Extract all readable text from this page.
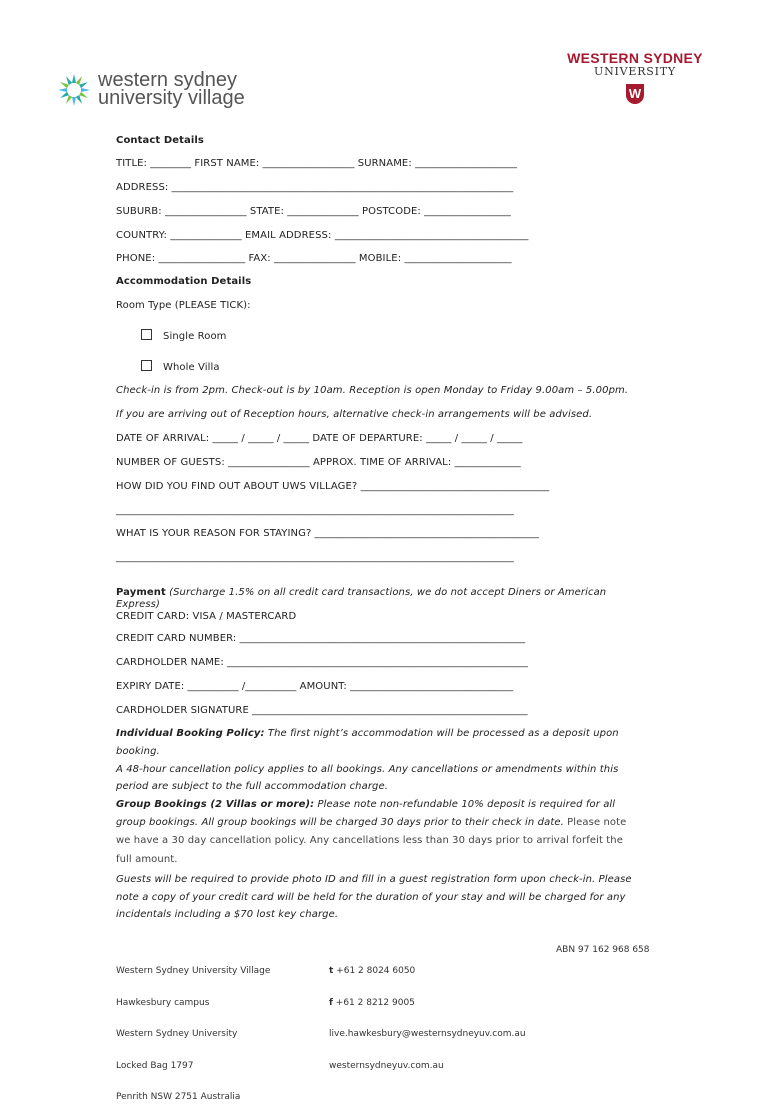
western sydney
university village
WESTERN SYDNEY
UNIVERSITY
W
Contact Details
TITLE: ________ FIRST NAME: __________________ SURNAME: ____________________
ADDRESS: ___________________________________________________________________
SUBURB: ________________ STATE: ______________ POSTCODE: _________________
COUNTRY: ______________ EMAIL ADDRESS: ______________________________________
PHONE: _________________ FAX: ________________ MOBILE: _____________________
Accommodation Details
Room Type (PLEASE TICK):
Single Room
Whole Villa
Check-in is from 2pm. Check-out is by 10am. Reception is open Monday to Friday 9.00am – 5.00pm.
If you are arriving out of Reception hours, alternative check-in arrangements will be advised.
DATE OF ARRIVAL: _____ / _____ / _____ DATE OF DEPARTURE: _____ / _____ / _____
NUMBER OF GUESTS: ________________ APPROX. TIME OF ARRIVAL: _____________
HOW DID YOU FIND OUT ABOUT UWS VILLAGE? _____________________________________
______________________________________________________________________________
WHAT IS YOUR REASON FOR STAYING? ____________________________________________
______________________________________________________________________________
Payment (Surcharge 1.5% on all credit card transactions, we do not accept Diners or American
Express)
CREDIT CARD: VISA / MASTERCARD
CREDIT CARD NUMBER: ________________________________________________________
CARDHOLDER NAME: ___________________________________________________________
EXPIRY DATE: __________ /__________ AMOUNT: ________________________________
CARDHOLDER SIGNATURE ______________________________________________________
Individual Booking Policy: The first night’s accommodation will be processed as a deposit upon
booking.
A 48-hour cancellation policy applies to all bookings. Any cancellations or amendments within this
period are subject to the full accommodation charge.
Group Bookings (2 Villas or more): Please note non-refundable 10% deposit is required for all
group bookings. All group bookings will be charged 30 days prior to their check in date. Please note
we have a 30 day cancellation policy. Any cancellations less than 30 days prior to arrival forfeit the
full amount.
Guests will be required to provide photo ID and fill in a guest registration form upon check-in. Please
note a copy of your credit card will be held for the duration of your stay and will be charged for any
incidentals including a $70 lost key charge.

Western Sydney University Village

Hawkesbury campus

Western Sydney University

Locked Bag 1797

Penrith NSW 2751 Australia

t +61 2 8024 6050

f +61 2 8212 9005

live.hawkesbury@westernsydneyuv.com.au

westernsydneyuv.com.au

ABN 97 162 968 658
